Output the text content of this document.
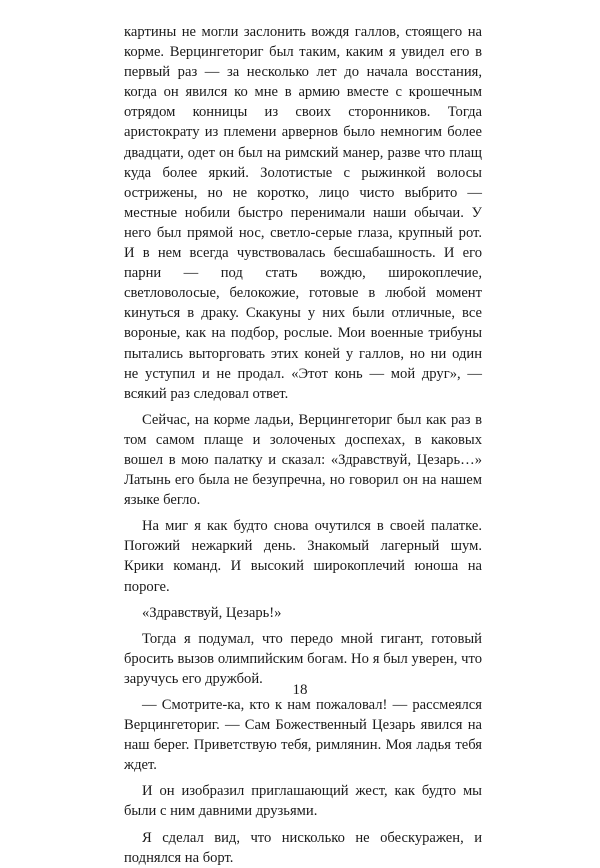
картины не могли заслонить вождя галлов, стоящего на корме. Верцингеториг был таким, каким я увидел его в первый раз — за несколько лет до начала восстания, когда он явился ко мне в армию вместе с крошечным отрядом конницы из своих сторонников. Тогда аристократу из племени арвернов было немногим более двадцати, одет он был на римский манер, разве что плащ куда более яркий. Золотистые с рыжинкой волосы острижены, но не коротко, лицо чисто выбрито — местные нобили быстро перенимали наши обычаи. У него был прямой нос, светло-серые глаза, крупный рот. И в нем всегда чувствовалась бесшабашность. И его парни — под стать вождю, широкоплечие, светловолосые, белокожие, готовые в любой момент кинуться в драку. Скакуны у них были отличные, все вороные, как на подбор, рослые. Мои военные трибуны пытались выторговать этих коней у галлов, но ни один не уступил и не продал. «Этот конь — мой друг», — всякий раз следовал ответ.

Сейчас, на корме ладьи, Верцингеториг был как раз в том самом плаще и золоченых доспехах, в каковых вошел в мою палатку и сказал: «Здравствуй, Цезарь…» Латынь его была не безупречна, но говорил он на нашем языке бегло.

На миг я как будто снова очутился в своей палатке. Погожий нежаркий день. Знакомый лагерный шум. Крики команд. И высокий широкоплечий юноша на пороге.

«Здравствуй, Цезарь!»

Тогда я подумал, что передо мной гигант, готовый бросить вызов олимпийским богам. Но я был уверен, что заручусь его дружбой.

— Смотрите-ка, кто к нам пожаловал! — рассмеялся Верцингеториг. — Сам Божественный Цезарь явился на наш берег. Приветствую тебя, римлянин. Моя ладья тебя ждет.

И он изобразил приглашающий жест, как будто мы были с ним давними друзьями.

Я сделал вид, что нисколько не обескуражен, и поднялся на борт.

18
